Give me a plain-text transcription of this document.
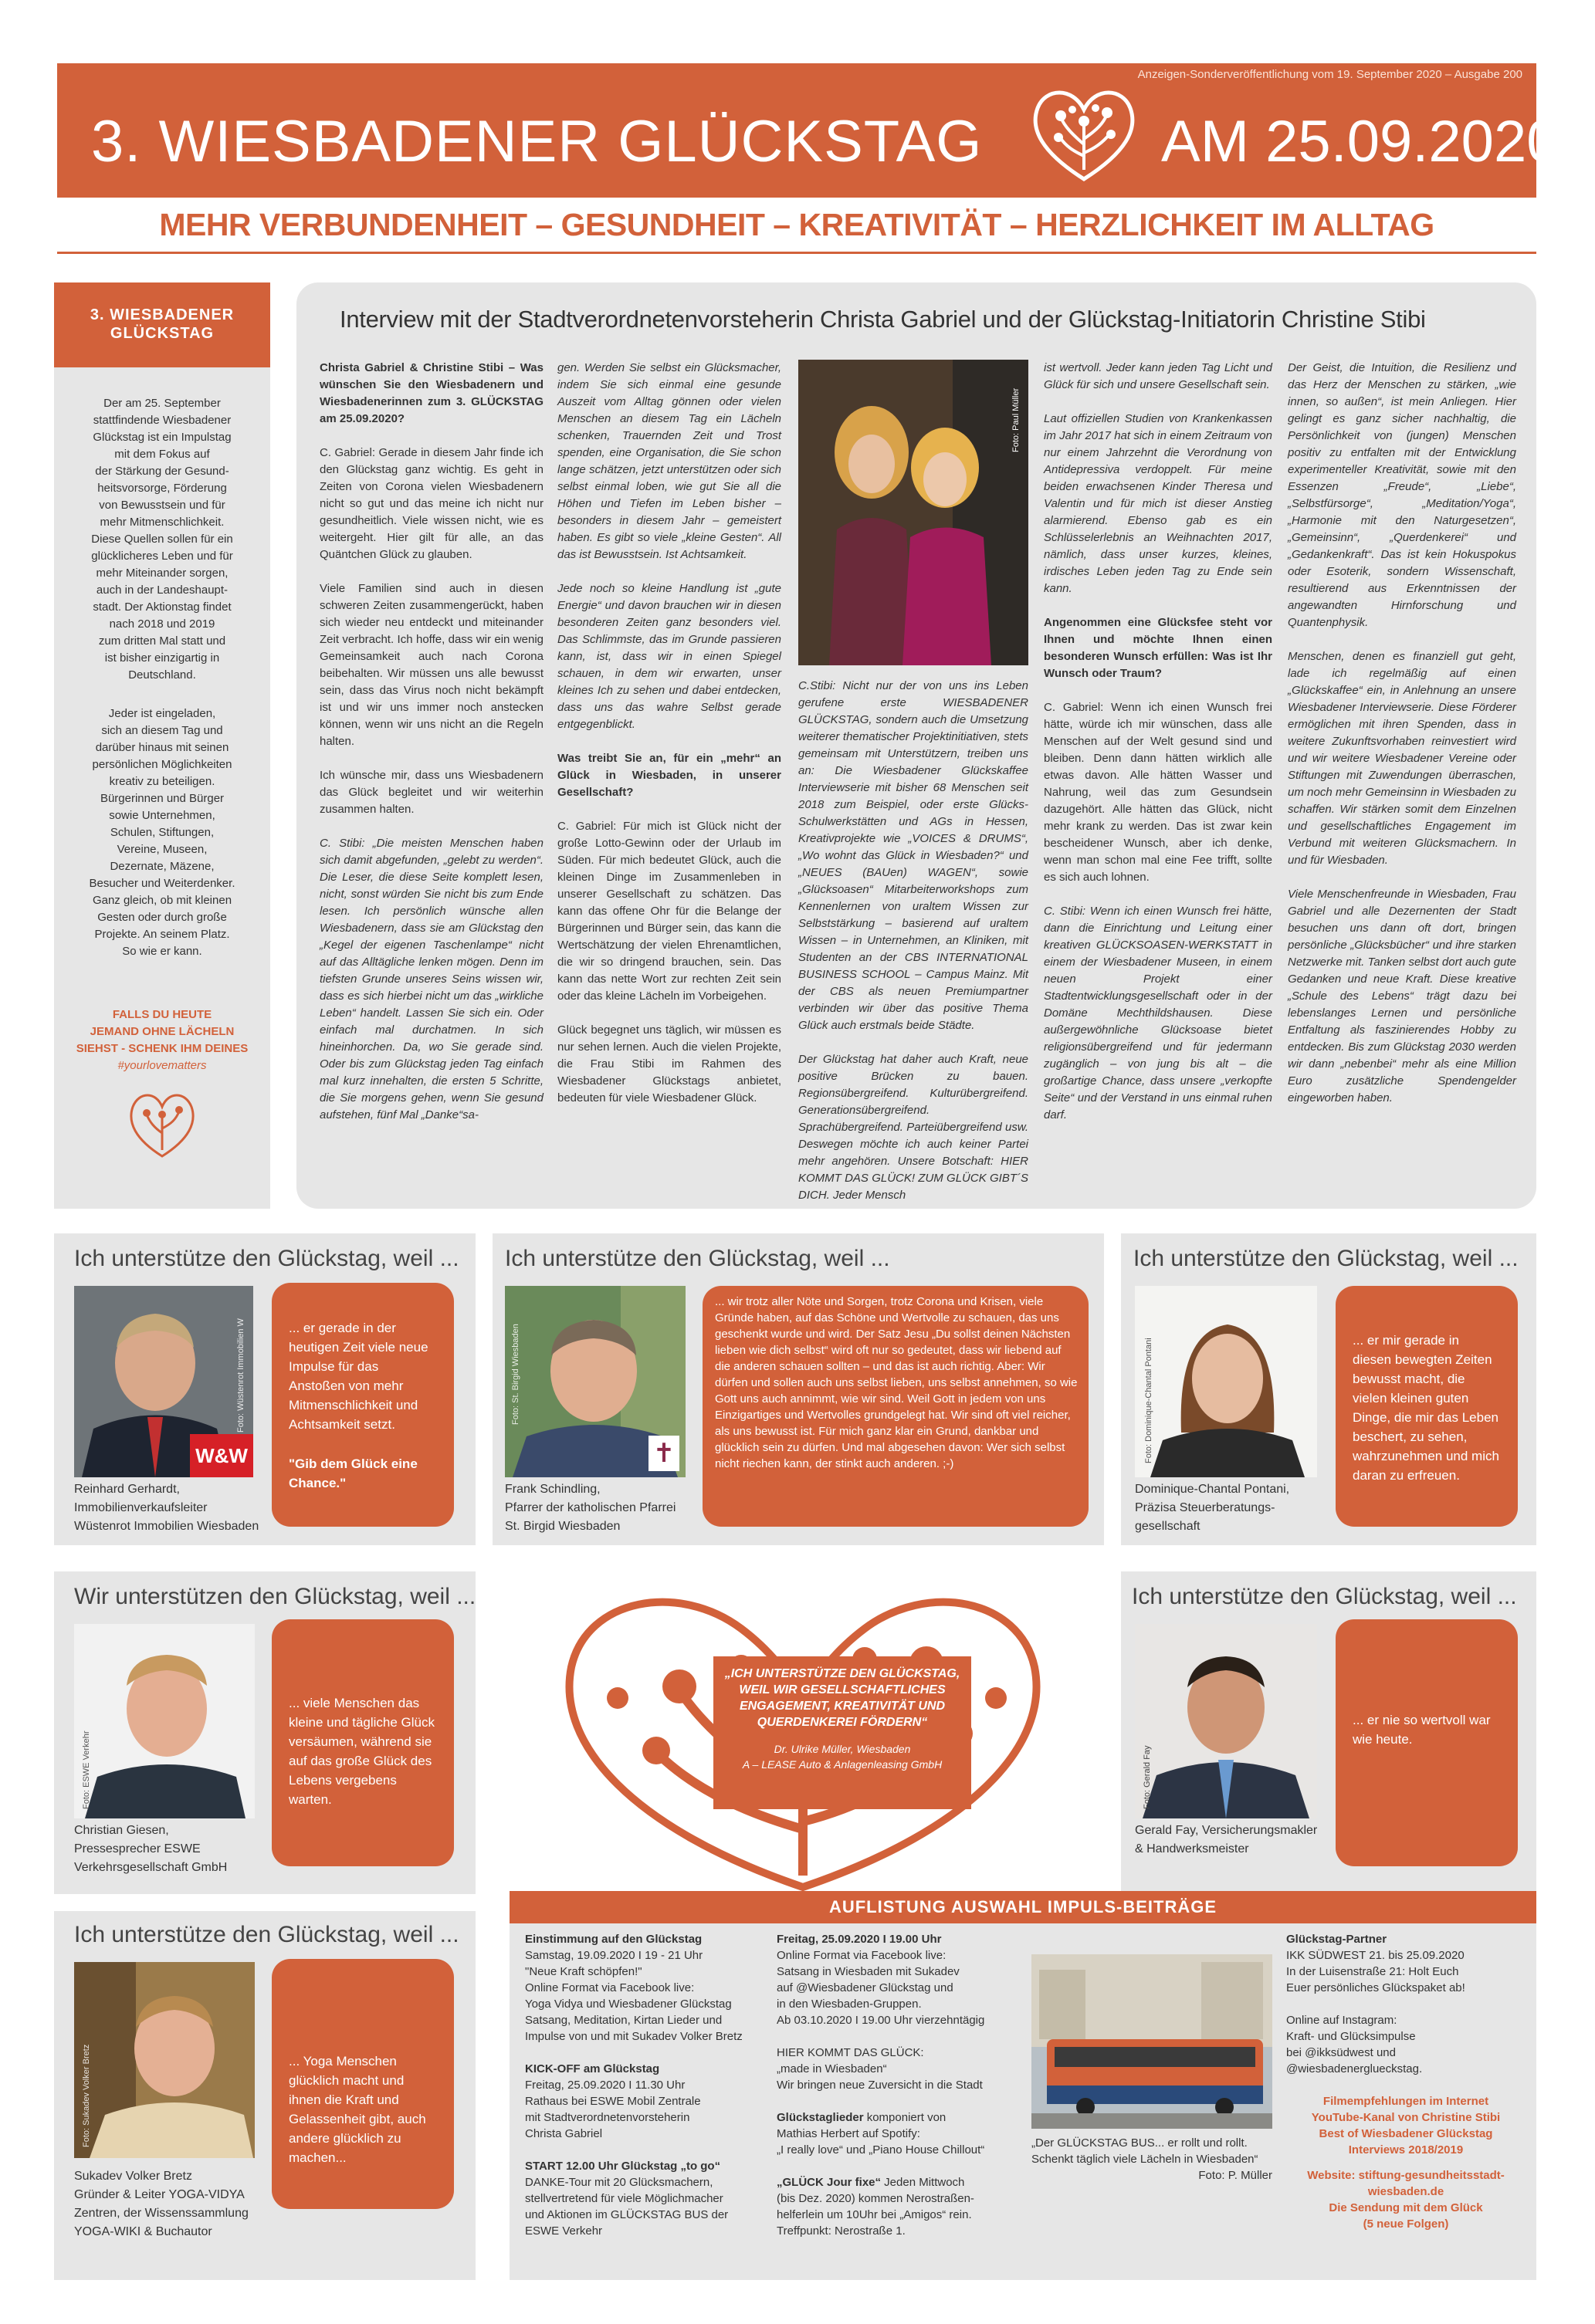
Anzeigen-Sonderveröffentlichung vom 19. September 2020 – Ausgabe 200
3. WIESBADENER GLÜCKSTAG	AM 25.09.2020
MEHR VERBUNDENHEIT – GESUNDHEIT – KREATIVITÄT – HERZLICHKEIT IM ALLTAG
3. WIESBADENER
GLÜCKSTAG
Der am 25. September
stattfindende Wiesbadener
Glückstag ist ein Impulstag
mit dem Fokus auf
der Stärkung der Gesund-
heitsvorsorge, Förderung
von Bewusstsein und für
mehr Mitmenschlichkeit.
Diese Quellen sollen für ein
glücklicheres Leben und für
mehr Miteinander sorgen,
auch in der Landeshaupt-
stadt. Der Aktionstag findet
nach 2018 und 2019
zum dritten Mal statt und
ist bisher einzigartig in
Deutschland.
Jeder ist eingeladen,
sich an diesem Tag und
darüber hinaus mit seinen
persönlichen Möglichkeiten
kreativ zu beteiligen.
Bürgerinnen und Bürger
sowie Unternehmen,
Schulen, Stiftungen,
Vereine, Museen,
Dezernate, Mäzene,
Besucher und Weiterdenker.
Ganz gleich, ob mit kleinen
Gesten oder durch große
Projekte. An seinem Platz.
So wie er kann.
FALLS DU HEUTE
JEMAND OHNE LÄCHELN
SIEHST - SCHENK IHM DEINES
#yourlovematters
Interview mit der Stadtverordnetenvorsteherin Christa Gabriel und der Glückstag-Initiatorin Christine Stibi

Christa Gabriel & Christine Stibi – Was wünschen Sie den Wiesbadenern und Wiesbadenerinnen zum 3. GLÜCKSTAG am 25.09.2020?

C. Gabriel: Gerade in diesem Jahr finde ich den Glückstag ganz wichtig. Es geht in Zeiten von Corona vielen Wiesbadenern nicht so gut und das meine ich nicht nur gesundheitlich. Viele wissen nicht, wie es weitergeht. Hier gilt für alle, an das Quäntchen Glück zu glauben.

Viele Familien sind auch in diesen schweren Zeiten zusammengerückt, haben sich wieder neu entdeckt und miteinander Zeit verbracht. Ich hoffe, dass wir ein wenig Gemeinsamkeit auch nach Corona beibehalten. Wir müssen uns alle bewusst sein, dass das Virus noch nicht bekämpft ist und wir uns immer noch anstecken können, wenn wir uns nicht an die Regeln halten.

Ich wünsche mir, dass uns Wiesbadenern das Glück begleitet und wir weiterhin zusammen halten.

C. Stibi: „Die meisten Menschen haben sich damit abgefunden, „gelebt zu werden“. Die Leser, die diese Seite komplett lesen, nicht, sonst würden Sie nicht bis zum Ende lesen. Ich persönlich wünsche allen Wiesbadenern, dass sie am Glückstag den „Kegel der eigenen Taschenlampe“ nicht auf das Alltägliche lenken mögen. Denn im tiefsten Grunde unseres Seins wissen wir, dass es sich hierbei nicht um das „wirkliche Leben“ handelt. Lassen Sie sich ein. Oder einfach mal durchatmen. In sich hineinhorchen. Da, wo Sie gerade sind. Oder bis zum Glückstag jeden Tag einfach mal kurz innehalten, die ersten 5 Schritte, die Sie morgens gehen, wenn Sie gesund aufstehen, fünf Mal „Danke“sa-

gen. Werden Sie selbst ein Glücksmacher, indem Sie sich einmal eine gesunde Auszeit vom Alltag gönnen oder vielen Menschen an diesem Tag ein Lächeln schenken, Trauernden Zeit und Trost spenden, eine Organisation, die Sie schon lange schätzen, jetzt unterstützen oder sich selbst einmal loben, wie gut Sie all die Höhen und Tiefen im Leben bisher – besonders in diesem Jahr – gemeistert haben. Es gibt so viele „kleine Gesten“. All das ist Bewusstsein. Ist Achtsamkeit.

Jede noch so kleine Handlung ist „gute Energie“ und davon brauchen wir in diesen besonderen Zeiten ganz besonders viel. Das Schlimmste, das im Grunde passieren kann, ist, dass wir in einen Spiegel schauen, in dem wir erwarten, unser kleines Ich zu sehen und dabei entdecken, dass uns das wahre Selbst gerade entgegenblickt.

Was treibt Sie an, für ein „mehr“ an Glück in Wiesbaden, in unserer Gesellschaft?

C. Gabriel: Für mich ist Glück nicht der große Lotto-Gewinn oder der Urlaub im Süden. Für mich bedeutet Glück, auch die kleinen Dinge im Zusammenleben in unserer Gesellschaft zu schätzen. Das kann das offene Ohr für die Belange der Bürgerinnen und Bürger sein, das kann die Wertschätzung der vielen Ehrenamtlichen, die wir so dringend brauchen, sein. Das kann das nette Wort zur rechten Zeit sein oder das kleine Lächeln im Vorbeigehen.

Glück begegnet uns täglich, wir müssen es nur sehen lernen. Auch die vielen Projekte, die Frau Stibi im Rahmen des Wiesbadener Glückstags anbietet, bedeuten für viele Wiesbadener Glück.

Foto: Paul Müller

C.Stibi: Nicht nur der von uns ins Leben gerufene erste WIESBADENER GLÜCKSTAG, sondern auch die Umsetzung weiterer thematischer Projektinitiativen, stets gemeinsam mit Unterstützern, treiben uns an: Die Wiesbadener Glückskaffee Interviewserie mit bisher 68 Menschen seit 2018 zum Beispiel, oder erste Glücks-Schulwerkstätten und AGs in Hessen, Kreativprojekte wie „VOICES & DRUMS“, „Wo wohnt das Glück in Wiesbaden?“ und „NEUES (BAUen) WAGEN“, sowie „Glücksoasen“ Mitarbeiterworkshops zum Kennenlernen von uraltem Wissen zur Selbststärkung – basierend auf uraltem Wissen – in Unternehmen, an Kliniken, mit Studenten an der CBS INTERNATIONAL BUSINESS SCHOOL – Campus Mainz. Mit der CBS als neuen Premiumpartner verbinden wir über das positive Thema Glück auch erstmals beide Städte.

Der Glückstag hat daher auch Kraft, neue positive Brücken zu bauen. Regionsübergreifend. Kulturübergreifend. Generationsübergreifend. Sprachübergreifend. Parteiübergreifend usw. Deswegen möchte ich auch keiner Partei mehr angehören. Unsere Botschaft: HIER KOMMT DAS GLÜCK! ZUM GLÜCK GIBT´S DICH. Jeder Mensch

ist wertvoll. Jeder kann jeden Tag Licht und Glück für sich und unsere Gesellschaft sein.

Laut offiziellen Studien von Krankenkassen im Jahr 2017 hat sich in einem Zeitraum von nur einem Jahrzehnt die Verordnung von Antidepressiva verdoppelt. Für meine beiden erwachsenen Kinder Theresa und Valentin und für mich ist dieser Anstieg alarmierend. Ebenso gab es ein Schlüsselerlebnis an Weihnachten 2017, nämlich, dass unser kurzes, kleines, irdisches Leben jeden Tag zu Ende sein kann.

Angenommen eine Glücksfee steht vor Ihnen und möchte Ihnen einen besonderen Wunsch erfüllen: Was ist Ihr Wunsch oder Traum?

C. Gabriel: Wenn ich einen Wunsch frei hätte, würde ich mir wünschen, dass alle Menschen auf der Welt gesund sind und bleiben. Denn dann hätten wirklich alle etwas davon. Alle hätten Wasser und Nahrung, weil das zum Gesundsein dazugehört. Alle hätten das Glück, nicht mehr krank zu werden. Das ist zwar kein bescheidener Wunsch, aber ich denke, wenn man schon mal eine Fee trifft, sollte es sich auch lohnen.

C. Stibi: Wenn ich einen Wunsch frei hätte, dann die Einrichtung und Leitung einer kreativen GLÜCKSOASEN-WERKSTATT in einem der Wiesbadener Museen, in einem neuen Projekt einer Stadtentwicklungsgesellschaft oder in der Domäne Mechthildshausen. Diese außergewöhnliche Glücksoase bietet religionsübergreifend und für jedermann zugänglich – von jung bis alt – die großartige Chance, dass unsere „verkopfte Seite“ und der Verstand in uns einmal ruhen darf.

Der Geist, die Intuition, die Resilienz und das Herz der Menschen zu stärken, „wie innen, so außen“, ist mein Anliegen. Hier gelingt es ganz sicher nachhaltig, die Persönlichkeit von (jungen) Menschen positiv zu entfalten mit der Entwicklung experimenteller Kreativität, sowie mit den Essenzen „Freude“, „Liebe“, „Selbstfürsorge“, „Meditation/Yoga“, „Harmonie mit den Naturgesetzen“, „Gemeinsinn“, „Querdenkerei“ und „Gedankenkraft“. Das ist kein Hokuspokus oder Esoterik, sondern Wissenschaft, resultierend aus Erkenntnissen der angewandten Hirnforschung und Quantenphysik.

Menschen, denen es finanziell gut geht, lade ich regelmäßig auf einen „Glückskaffee“ ein, in Anlehnung an unsere Wiesbadener Interviewserie. Diese Förderer ermöglichen mit ihren Spenden, dass in weitere Zukunftsvorhaben reinvestiert wird und wir weitere Wiesbadener Vereine oder Stiftungen mit Zuwendungen überraschen, um noch mehr Gemeinsinn in Wiesbaden zu schaffen. Wir stärken somit dem Einzelnen und gesellschaftliches Engagement im Verbund mit weiteren Glücksmachern. In und für Wiesbaden.

Viele Menschenfreunde in Wiesbaden, Frau Gabriel und alle Dezernenten der Stadt besuchen uns dann oft dort, bringen persönliche „Glücksbücher“ und ihre starken Netzwerke mit. Tanken selbst dort auch gute Gedanken und neue Kraft. Diese kreative „Schule des Lebens“ trägt dazu bei lebenslanges Lernen und persönliche Entfaltung als faszinierendes Hobby zu entdecken. Bis zum Glückstag 2030 werden wir dann „nebenbei“ mehr als eine Million Euro zusätzliche Spendengelder eingeworben haben.

Ich unterstütze den Glückstag, weil ...
W&W
Foto: Wüstenrot Immobilien W
Reinhard Gerhardt,
Immobilienverkaufsleiter
Wüstenrot Immobilien Wiesbaden
... er gerade in der heutigen Zeit viele neue Impulse für das Anstoßen von mehr Mitmenschlichkeit und Achtsamkeit setzt.
"Gib dem Glück eine Chance."
Ich unterstütze den Glückstag, weil ...
✝
Foto: St. Birgid Wiesbaden
Frank Schindling,
Pfarrer der katholischen Pfarrei
St. Birgid Wiesbaden
... wir trotz aller Nöte und Sorgen, trotz Corona und Krisen, viele Gründe haben, auf das Schöne und Wertvolle zu schauen, das uns geschenkt wurde und wird. Der Satz Jesu „Du sollst deinen Nächsten lieben wie dich selbst“ wird oft nur so gedeutet, dass wir liebend auf die anderen schauen sollten – und das ist auch richtig. Aber: Wir dürfen und sollen auch uns selbst lieben, uns selbst annehmen, so wie Gott uns auch annimmt, wie wir sind. Weil Gott in jedem von uns Einzigartiges und Wertvolles grundgelegt hat. Wir sind oft viel reicher, als uns bewusst ist. Für mich ganz klar ein Grund, dankbar und glücklich sein zu dürfen. Und mal abgesehen davon: Wer sich selbst nicht riechen kann, der stinkt auch anderen. ;-)
Ich unterstütze den Glückstag, weil ...
Foto: Dominique-Chantal Pontani
Dominique-Chantal Pontani,
Präzisa Steuerberatungs-
gesellschaft
... er mir gerade in diesen bewegten Zeiten bewusst macht, die vielen kleinen guten Dinge, die mir das Leben beschert, zu sehen, wahrzunehmen und mich daran zu erfreuen.
Wir unterstützen den Glückstag, weil ...
Foto: ESWE Verkehr
Christian Giesen,
Pressesprecher ESWE
Verkehrsgesellschaft GmbH
... viele Menschen das kleine und tägliche Glück versäumen, während sie auf das große Glück des Lebens vergebens warten.
„ICH UNTERSTÜTZE DEN GLÜCKSTAG, WEIL WIR GESELLSCHAFTLICHES ENGAGEMENT, KREATIVITÄT UND QUERDENKEREI FÖRDERN“
Dr. Ulrike Müller, Wiesbaden
A – LEASE Auto & Anlagenleasing GmbH
Ich unterstütze den Glückstag, weil ...
Foto: Gerald Fay
Gerald Fay, Versicherungsmakler
& Handwerksmeister
... er nie so wertvoll war wie heute.
Ich unterstütze den Glückstag, weil ...
Foto: Sukadev Volker Bretz
Sukadev Volker Bretz
Gründer & Leiter YOGA-VIDYA
Zentren, der Wissenssammlung
YOGA-WIKI & Buchautor
... Yoga Menschen glücklich macht und ihnen die Kraft und Gelassenheit gibt, auch andere glücklich zu machen...
AUFLISTUNG AUSWAHL IMPULS-BEITRÄGE
Einstimmung auf den Glückstag
Samstag, 19.09.2020 I 19 - 21 Uhr
"Neue Kraft schöpfen!"
Online Format via Facebook live:
Yoga Vidya und Wiesbadener Glückstag
Satsang, Meditation, Kirtan Lieder und
Impulse von und mit Sukadev Volker Bretz
KICK-OFF am Glückstag
Freitag, 25.09.2020 I 11.30 Uhr
Rathaus bei ESWE Mobil Zentrale
mit Stadtverordnetenvorsteherin
Christa Gabriel
START 12.00 Uhr Glückstag „to go“
DANKE-Tour mit 20 Glücksmachern,
stellvertretend für viele Möglichmacher
und Aktionen im GLÜCKSTAG BUS der
ESWE Verkehr
Freitag, 25.09.2020 I 19.00 Uhr
Online Format via Facebook live:
Satsang in Wiesbaden mit Sukadev
auf @Wiesbadener Glückstag und
in den Wiesbaden-Gruppen.
Ab 03.10.2020 I 19.00 Uhr vierzehntägig
HIER KOMMT DAS GLÜCK:
„made in Wiesbaden“
Wir bringen neue Zuversicht in die Stadt
Glückstaglieder komponiert von
Mathias Herbert auf Spotify:
„I really love“ und „Piano House Chillout“
„GLÜCK Jour fixe“ Jeden Mittwoch
(bis Dez. 2020) kommen Nerostraßen-
helferlein um 10Uhr bei „Amigos“ rein.
Treffpunkt: Nerostraße 1.
„Der GLÜCKSTAG BUS... er rollt und rollt. Schenkt täglich viele Lächeln in Wiesbaden“
Foto: P. Müller
Glückstag-Partner
IKK SÜDWEST 21. bis 25.09.2020
In der Luisenstraße 21: Holt Euch
Euer persönliches Glückspaket ab!
Online auf Instagram:
Kraft- und Glücksimpulse
bei @ikksüdwest und
@wiesbadenerglueckstag.
Filmempfehlungen im Internet
YouTube-Kanal von Christine Stibi
Best of Wiesbadener Glückstag
Interviews 2018/2019
Website: stiftung-gesundheitsstadt-
wiesbaden.de
Die Sendung mit dem Glück
(5 neue Folgen)
